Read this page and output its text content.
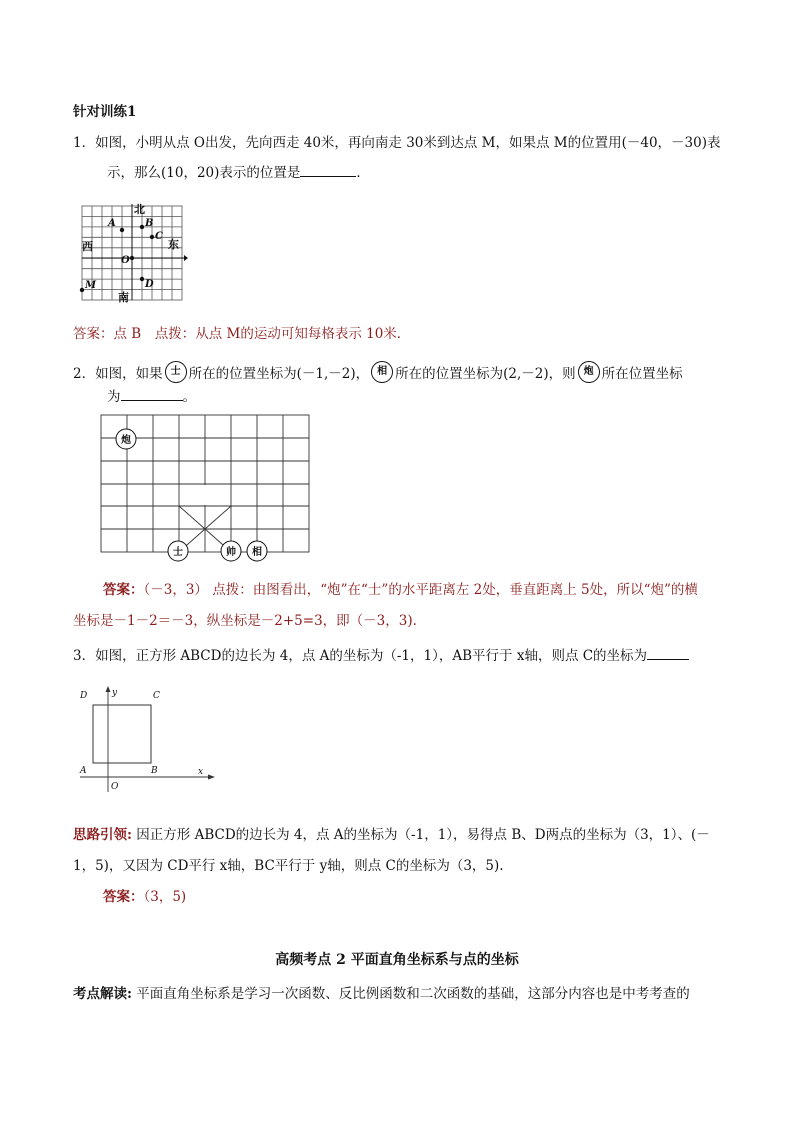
针对训练1
1．如图，小明从点 O出发，先向西走 40米，再向南走 30米到达点 M，如果点 M的位置用(－40，－30)表
示，那么(10，20)表示的位置是	．
A	B
C
D
O
M
北
南
西	东
答案：点 B　点拨：从点 M的运动可知每格表示 10米．
2．如图，如果 士 所在的位置坐标为(－1,－2)， 相 所在的位置坐标为(2,－2)，则 炮 所在位置坐标
为	。
炮
士	帅 相
答案：（－3，3） 点拨：由图看出，“炮”在“士”的水平距离左 2处，垂直距离上 5处，所以“炮”的横
坐标是－1－2＝－3，纵坐标是－2+5=3，即（－3，3).
3．如图，正方形 ABCD的边长为 4，点 A的坐标为（-1，1），AB平行于 x轴，则点 C的坐标为
D	y	C
A	B	x
O
思路引领: 因正方形 ABCD的边长为 4，点 A的坐标为（-1，1），易得点 B、D两点的坐标为（3，1）、(－
1，5)，又因为 CD平行 x轴，BC平行于 y轴，则点 C的坐标为（3，5).
答案：（3，5)
高频考点 2 平面直角坐标系与点的坐标
考点解读: 平面直角坐标系是学习一次函数、反比例函数和二次函数的基础，这部分内容也是中考考查的
